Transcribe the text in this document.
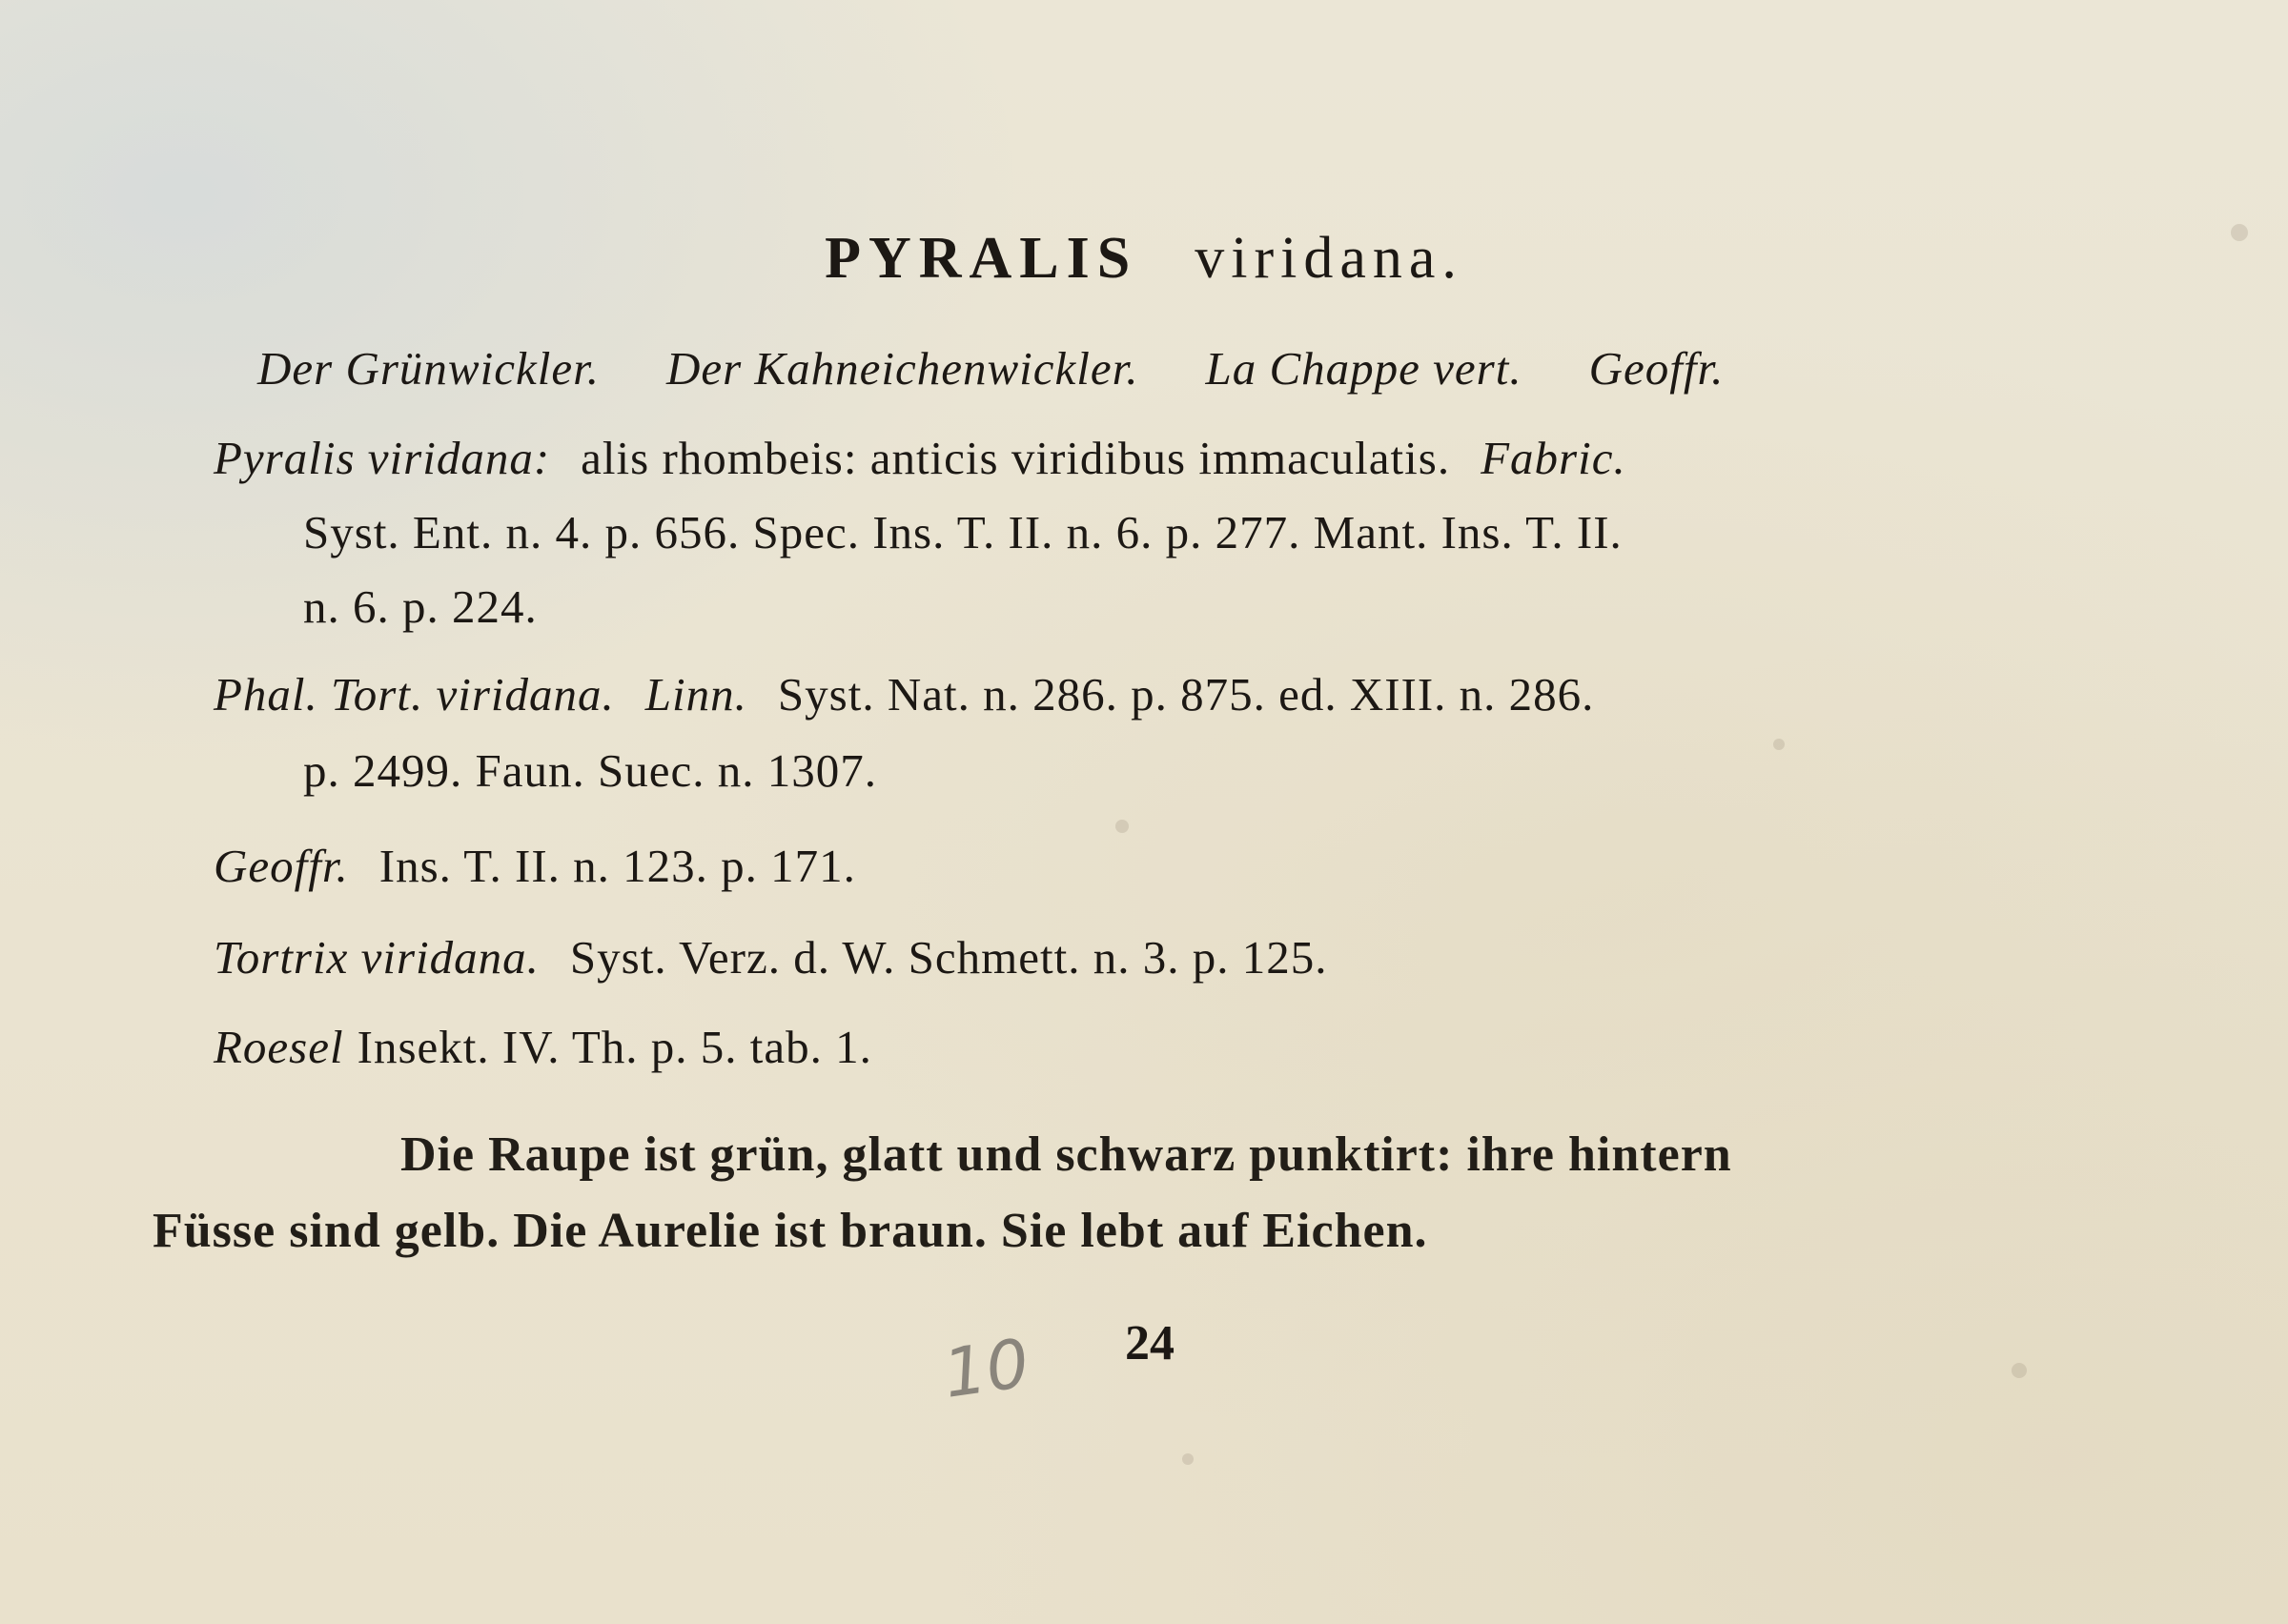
PYRALIS viridana.
Der Grünwickler. Der Kahneichenwickler. La Chappe vert. Geoffr.
Pyralis viridana: alis rhombeis: anticis viridibus immaculatis. Fabric.
Syst. Ent. n. 4. p. 656. Spec. Ins. T. II. n. 6. p. 277. Mant. Ins. T. II.
n. 6. p. 224.
Phal. Tort. viridana. Linn. Syst. Nat. n. 286. p. 875. ed. XIII. n. 286.
p. 2499. Faun. Suec. n. 1307.
Geoffr. Ins. T. II. n. 123. p. 171.
Tortrix viridana. Syst. Verz. d. W. Schmett. n. 3. p. 125.
Roesel Insekt. IV. Th. p. 5. tab. 1.
Die Raupe ist grün, glatt und schwarz punktirt: ihre hintern
Füsse sind gelb. Die Aurelie ist braun. Sie lebt auf Eichen.
10 24
